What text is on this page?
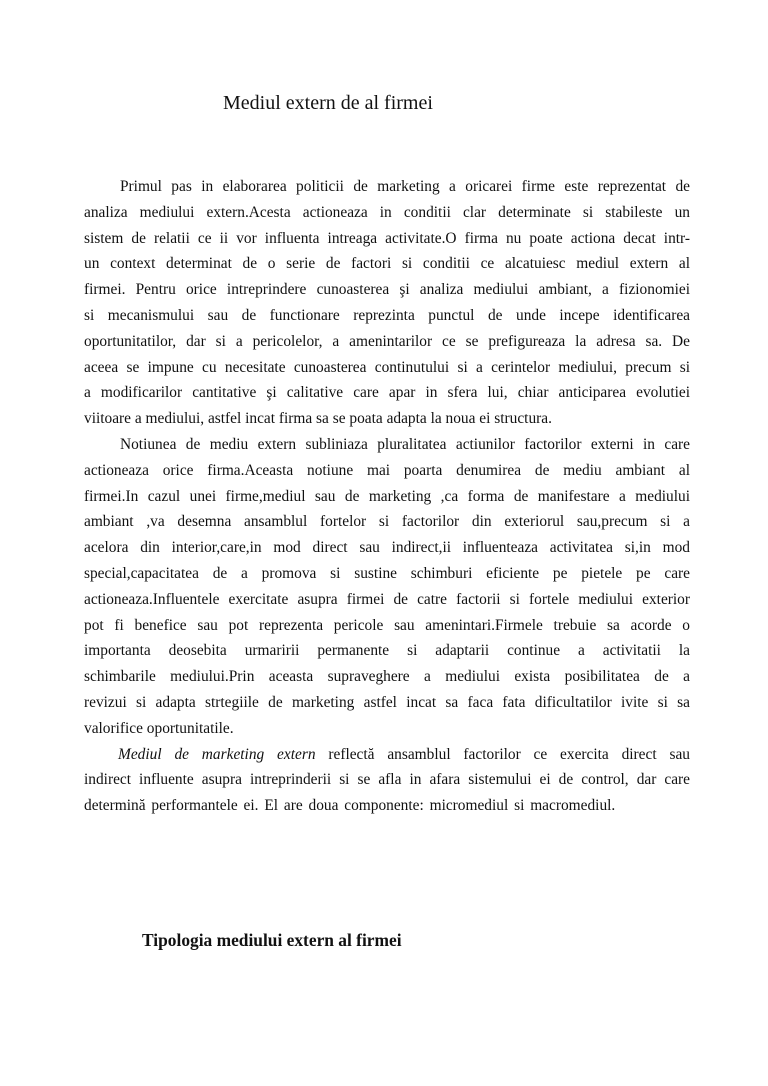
Mediul extern de al firmei

Primul pas in elaborarea politicii de marketing a oricarei firme este reprezentat de
analiza mediului extern.Acesta actioneaza in conditii clar determinate si stabileste un
sistem de relatii ce ii vor influenta intreaga activitate.O firma nu poate actiona decat intr-
un context determinat de o serie de factori si conditii ce alcatuiesc mediul extern al
firmei. Pentru orice intreprindere cunoasterea şi analiza mediului ambiant, a fizionomiei
si mecanismului sau de functionare reprezinta punctul de unde incepe identificarea
oportunitatilor, dar si a pericolelor, a amenintarilor ce se prefigureaza la adresa sa. De
aceea se impune cu necesitate cunoasterea continutului si a cerintelor mediului, precum si
a modificarilor cantitative şi calitative care apar in sfera lui, chiar anticiparea evolutiei
viitoare a mediului, astfel incat firma sa se poata adapta la noua ei structura.

Notiunea de mediu extern subliniaza pluralitatea actiunilor factorilor externi in care
actioneaza orice firma.Aceasta notiune mai poarta denumirea de mediu ambiant al
firmei.In cazul unei firme,mediul sau de marketing ,ca forma de manifestare a mediului
ambiant ,va desemna ansamblul fortelor si factorilor din exteriorul sau,precum si a
acelora din interior,care,in mod direct sau indirect,ii influenteaza activitatea si,in mod
special,capacitatea de a promova si sustine schimburi eficiente pe pietele pe care
actioneaza.Influentele exercitate asupra firmei de catre factorii si fortele mediului exterior
pot fi benefice sau pot reprezenta pericole sau amenintari.Firmele trebuie sa acorde o
importanta deosebita urmaririi permanente si adaptarii continue a activitatii la
schimbarile mediului.Prin aceasta supraveghere a mediului exista posibilitatea de a
revizui si adapta strtegiile de marketing astfel incat sa faca fata dificultatilor ivite si sa
valorifice oportunitatile.

Mediul de marketing extern reflectă ansamblul factorilor ce exercita direct sau
indirect influente asupra intreprinderii si se afla in afara sistemului ei de control, dar care
determină performantele ei. El are doua componente: micromediul si macromediul.

Tipologia mediului extern al firmei
